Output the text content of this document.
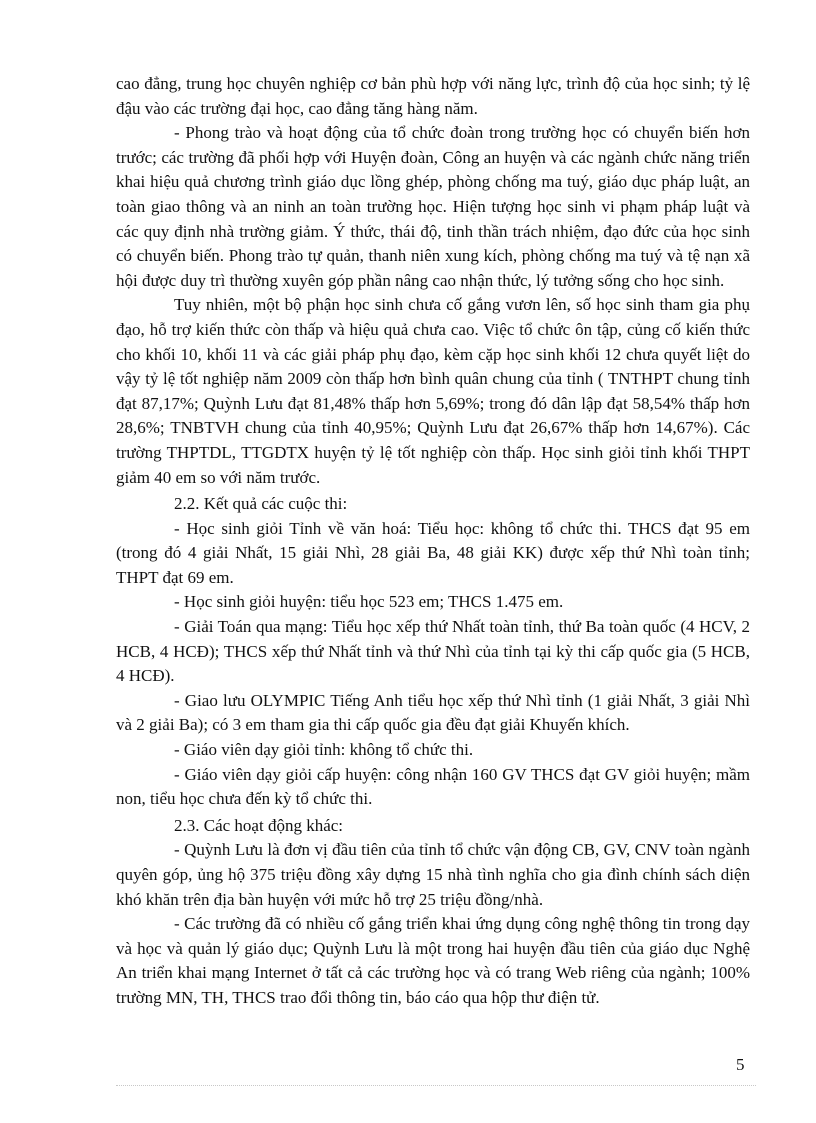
cao đẳng, trung học chuyên nghiệp cơ bản phù hợp với năng lực, trình độ của học sinh; tỷ lệ đậu vào các trường đại học, cao đẳng tăng hàng năm.

- Phong trào và hoạt động của tổ chức đoàn trong trường học có chuyển biến hơn trước; các trường đã phối hợp với Huyện đoàn, Công an huyện và các ngành chức năng triển khai hiệu quả chương trình giáo dục lồng ghép, phòng chống ma tuý, giáo dục pháp luật, an toàn giao thông và an ninh an toàn trường học. Hiện tượng học sinh vi phạm pháp luật và các quy định nhà trường giảm. Ý thức, thái độ, tinh thần trách nhiệm, đạo đức của học sinh có chuyển biến. Phong trào tự quản, thanh niên xung kích, phòng chống ma tuý và tệ nạn xã hội được duy trì thường xuyên góp phần nâng cao nhận thức, lý tưởng sống cho học sinh.

Tuy nhiên, một bộ phận học sinh chưa cố gắng vươn lên, số học sinh tham gia phụ đạo, hỗ trợ kiến thức còn thấp và hiệu quả chưa cao. Việc tổ chức ôn tập, củng cố kiến thức cho khối 10, khối 11 và các giải pháp phụ đạo, kèm cặp học sinh khối 12 chưa quyết liệt do vậy tỷ lệ tốt nghiệp năm 2009 còn thấp hơn bình quân chung của tỉnh ( TNTHPT chung tỉnh đạt 87,17%; Quỳnh Lưu đạt 81,48% thấp hơn 5,69%; trong đó dân lập đạt 58,54% thấp hơn 28,6%; TNBTVH chung của tỉnh 40,95%; Quỳnh Lưu đạt 26,67% thấp hơn 14,67%). Các trường THPTDL, TTGDTX huyện tỷ lệ tốt nghiệp còn thấp. Học sinh giỏi tỉnh khối THPT giảm 40 em so với năm trước.

2.2. Kết quả các cuộc thi:

- Học sinh giỏi Tỉnh về văn hoá: Tiểu học: không tổ chức thi. THCS đạt 95 em (trong đó 4 giải Nhất, 15 giải Nhì, 28 giải Ba, 48 giải KK) được xếp thứ Nhì toàn tỉnh; THPT đạt 69 em.

- Học sinh giỏi huyện: tiểu học 523 em; THCS 1.475 em.

- Giải Toán qua mạng: Tiểu học xếp thứ Nhất toàn tỉnh, thứ Ba toàn quốc (4 HCV, 2 HCB, 4 HCĐ); THCS xếp thứ Nhất tỉnh và thứ Nhì của tỉnh tại kỳ thi cấp quốc gia (5 HCB, 4 HCĐ).

- Giao lưu OLYMPIC Tiếng Anh tiểu học xếp thứ Nhì tỉnh (1 giải Nhất, 3 giải Nhì và 2 giải Ba); có 3 em tham gia thi cấp quốc gia đều đạt giải Khuyến khích.

- Giáo viên dạy giỏi tỉnh: không tổ chức thi.

- Giáo viên dạy giỏi cấp huyện: công nhận 160 GV THCS đạt GV giỏi huyện; mầm non, tiểu học chưa đến kỳ tổ chức thi.

2.3. Các hoạt động khác:

- Quỳnh Lưu là đơn vị đầu tiên của tỉnh tổ chức vận động CB, GV, CNV toàn ngành quyên góp, ủng hộ 375 triệu đồng xây dựng 15 nhà tình nghĩa cho gia đình chính sách diện khó khăn trên địa bàn huyện với mức hỗ trợ 25 triệu đồng/nhà.

- Các trường đã có nhiều cố gắng triển khai ứng dụng công nghệ thông tin trong dạy và học và quản lý giáo dục; Quỳnh Lưu là một trong hai huyện đầu tiên của giáo dục Nghệ An triển khai mạng Internet ở tất cả các trường học và có trang Web riêng của ngành; 100% trường MN, TH, THCS trao đổi thông tin, báo cáo qua hộp thư điện tử.

5
